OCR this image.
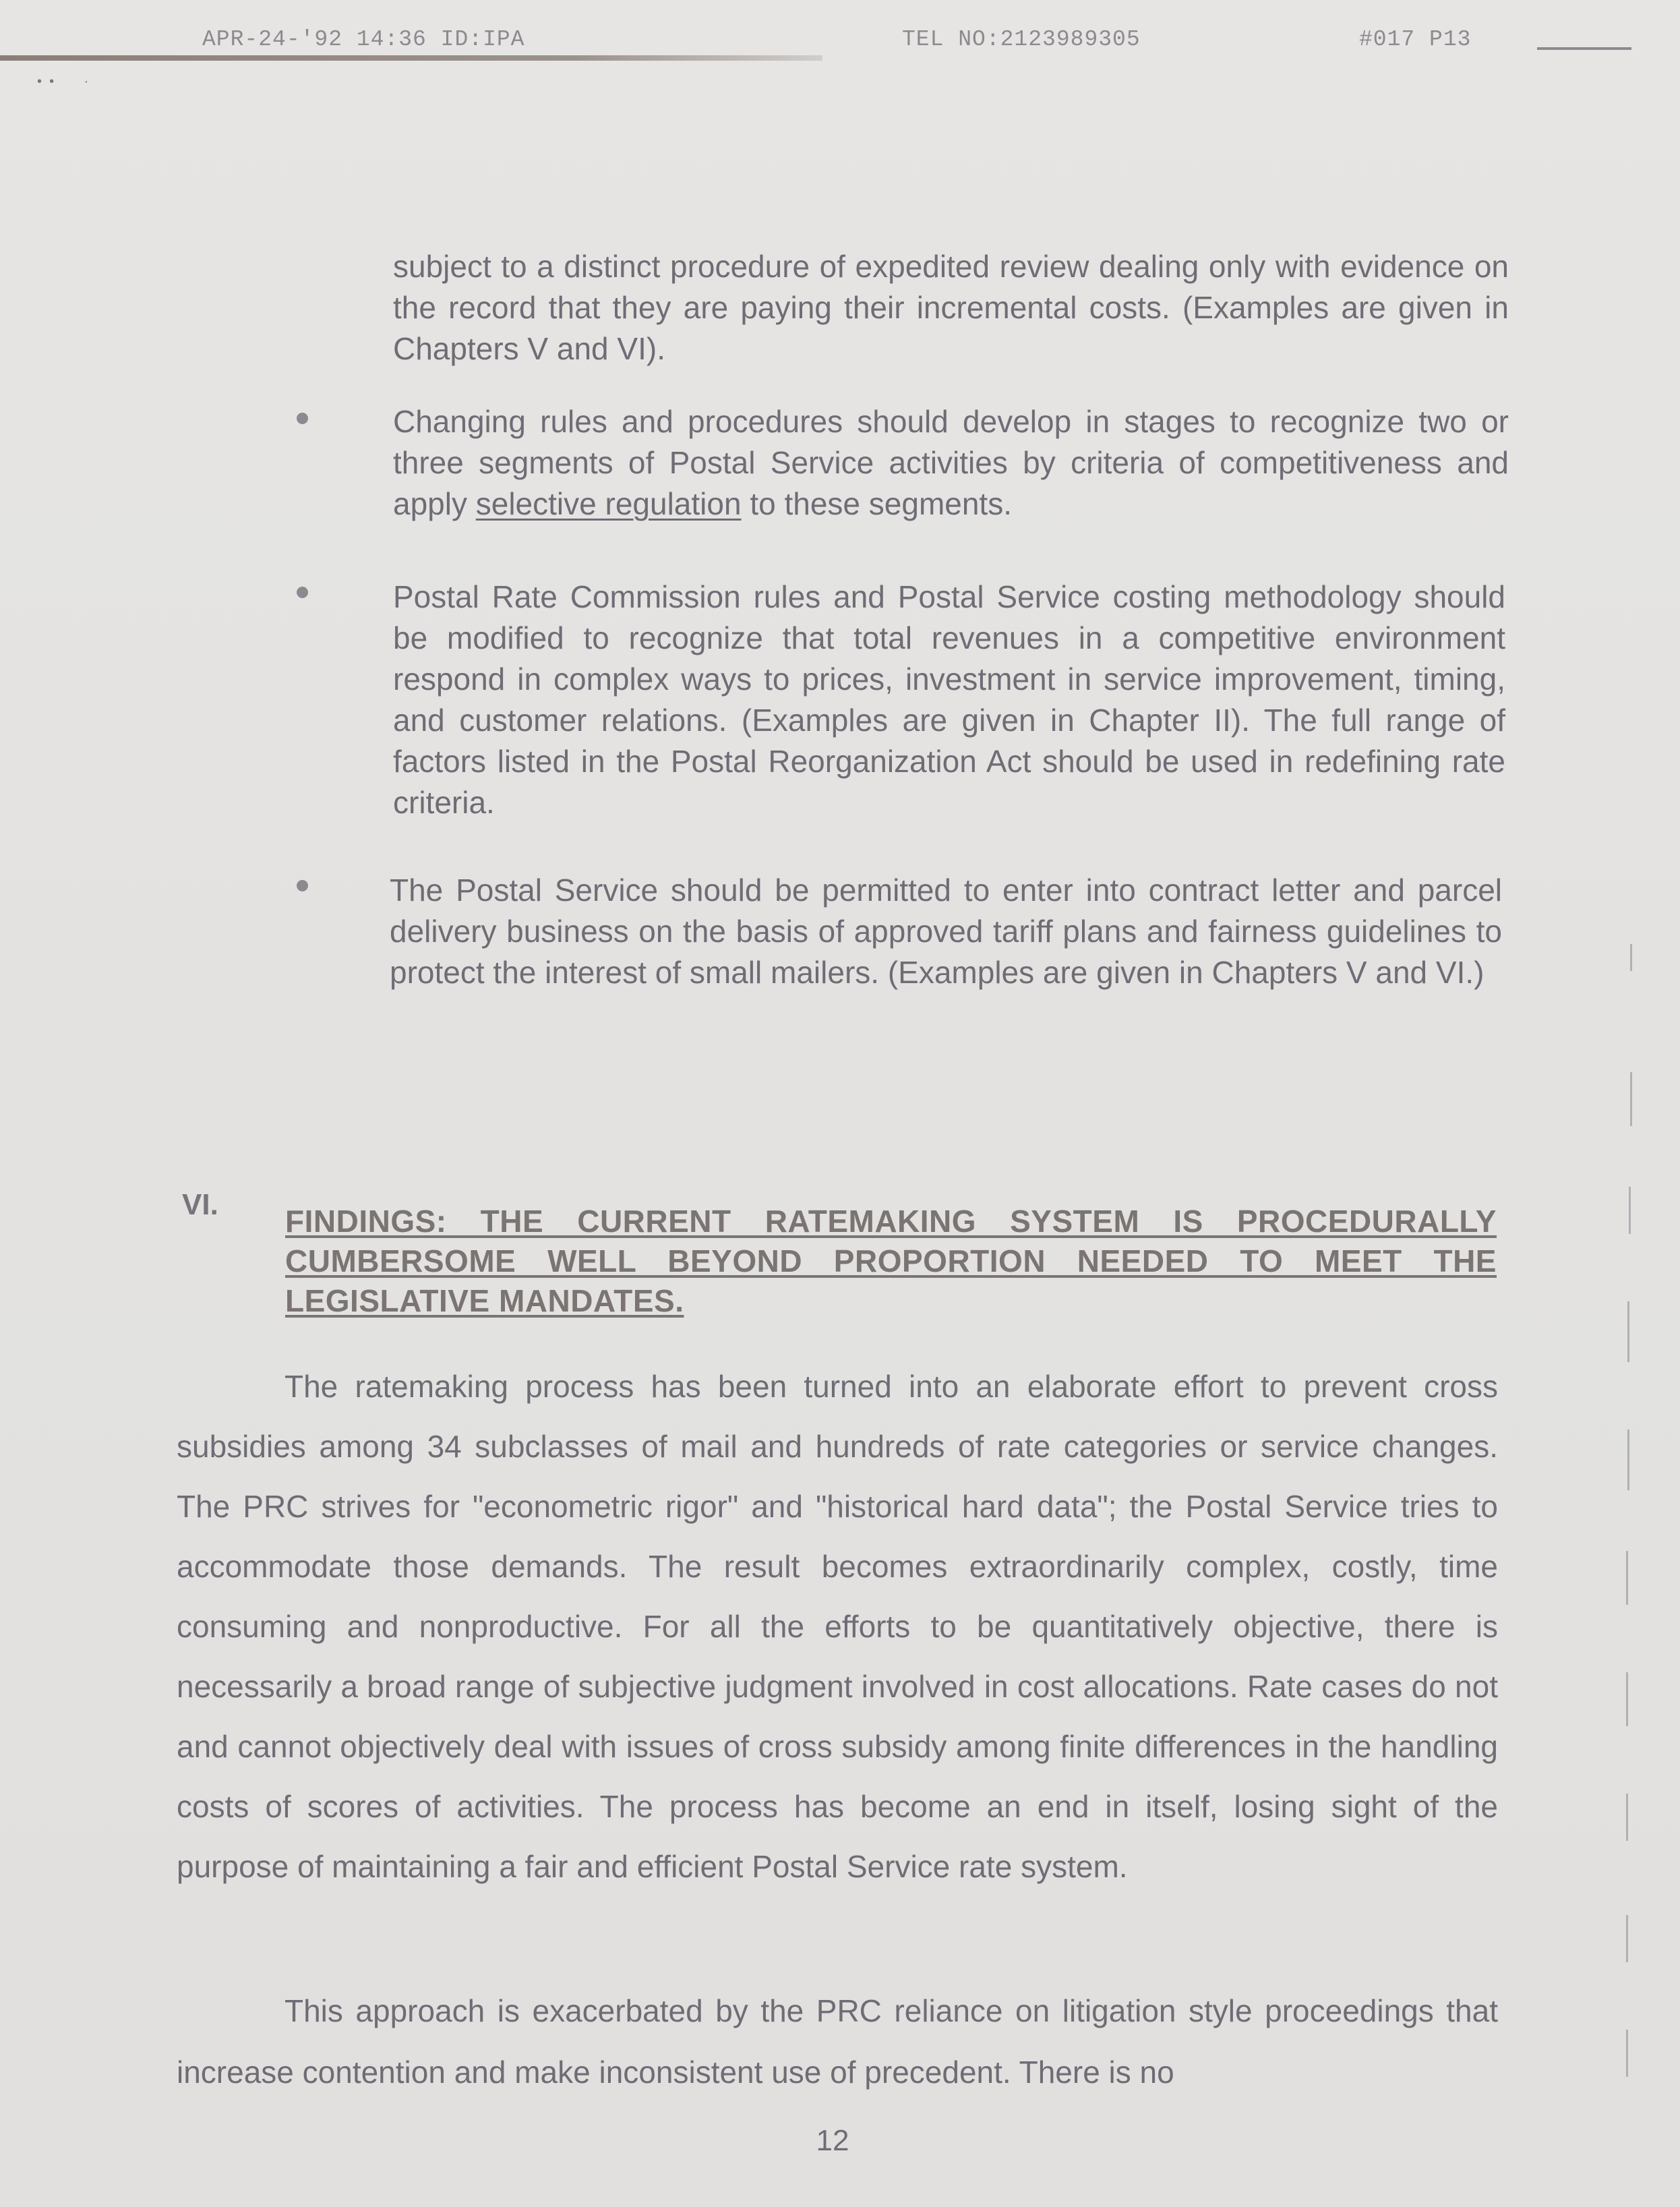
APR-24-'92 14:36 ID:IPA	TEL NO:2123989305	#017 P13
•  •        ·
subject to a distinct procedure of expedited review dealing only with evidence on the record that they are paying their incremental costs. (Examples are given in Chapters V and VI).
Changing rules and procedures should develop in stages to recognize two or three segments of Postal Service activities by criteria of competitiveness and apply selective regulation to these segments.
Postal Rate Commission rules and Postal Service costing methodology should be modified to recognize that total revenues in a competitive environment respond in complex ways to prices, investment in service improvement, timing, and customer relations. (Examples are given in Chapter II). The full range of factors listed in the Postal Reorganization Act should be used in redefining rate criteria.
The Postal Service should be permitted to enter into contract letter and parcel delivery business on the basis of approved tariff plans and fairness guidelines to protect the interest of small mailers. (Examples are given in Chapters V and VI.)
VI. FINDINGS: THE CURRENT RATEMAKING SYSTEM IS PROCEDURALLY CUMBERSOME WELL BEYOND PROPORTION NEEDED TO MEET THE LEGISLATIVE MANDATES.
The ratemaking process has been turned into an elaborate effort to prevent cross subsidies among 34 subclasses of mail and hundreds of rate categories or service changes. The PRC strives for "econometric rigor" and "historical hard data"; the Postal Service tries to accommodate those demands. The result becomes extraordinarily complex, costly, time consuming and nonproductive. For all the efforts to be quantitatively objective, there is necessarily a broad range of subjective judgment involved in cost allocations. Rate cases do not and cannot objectively deal with issues of cross subsidy among finite differences in the handling costs of scores of activities. The process has become an end in itself, losing sight of the purpose of maintaining a fair and efficient Postal Service rate system.
This approach is exacerbated by the PRC reliance on litigation style proceedings that increase contention and make inconsistent use of precedent. There is no
12
